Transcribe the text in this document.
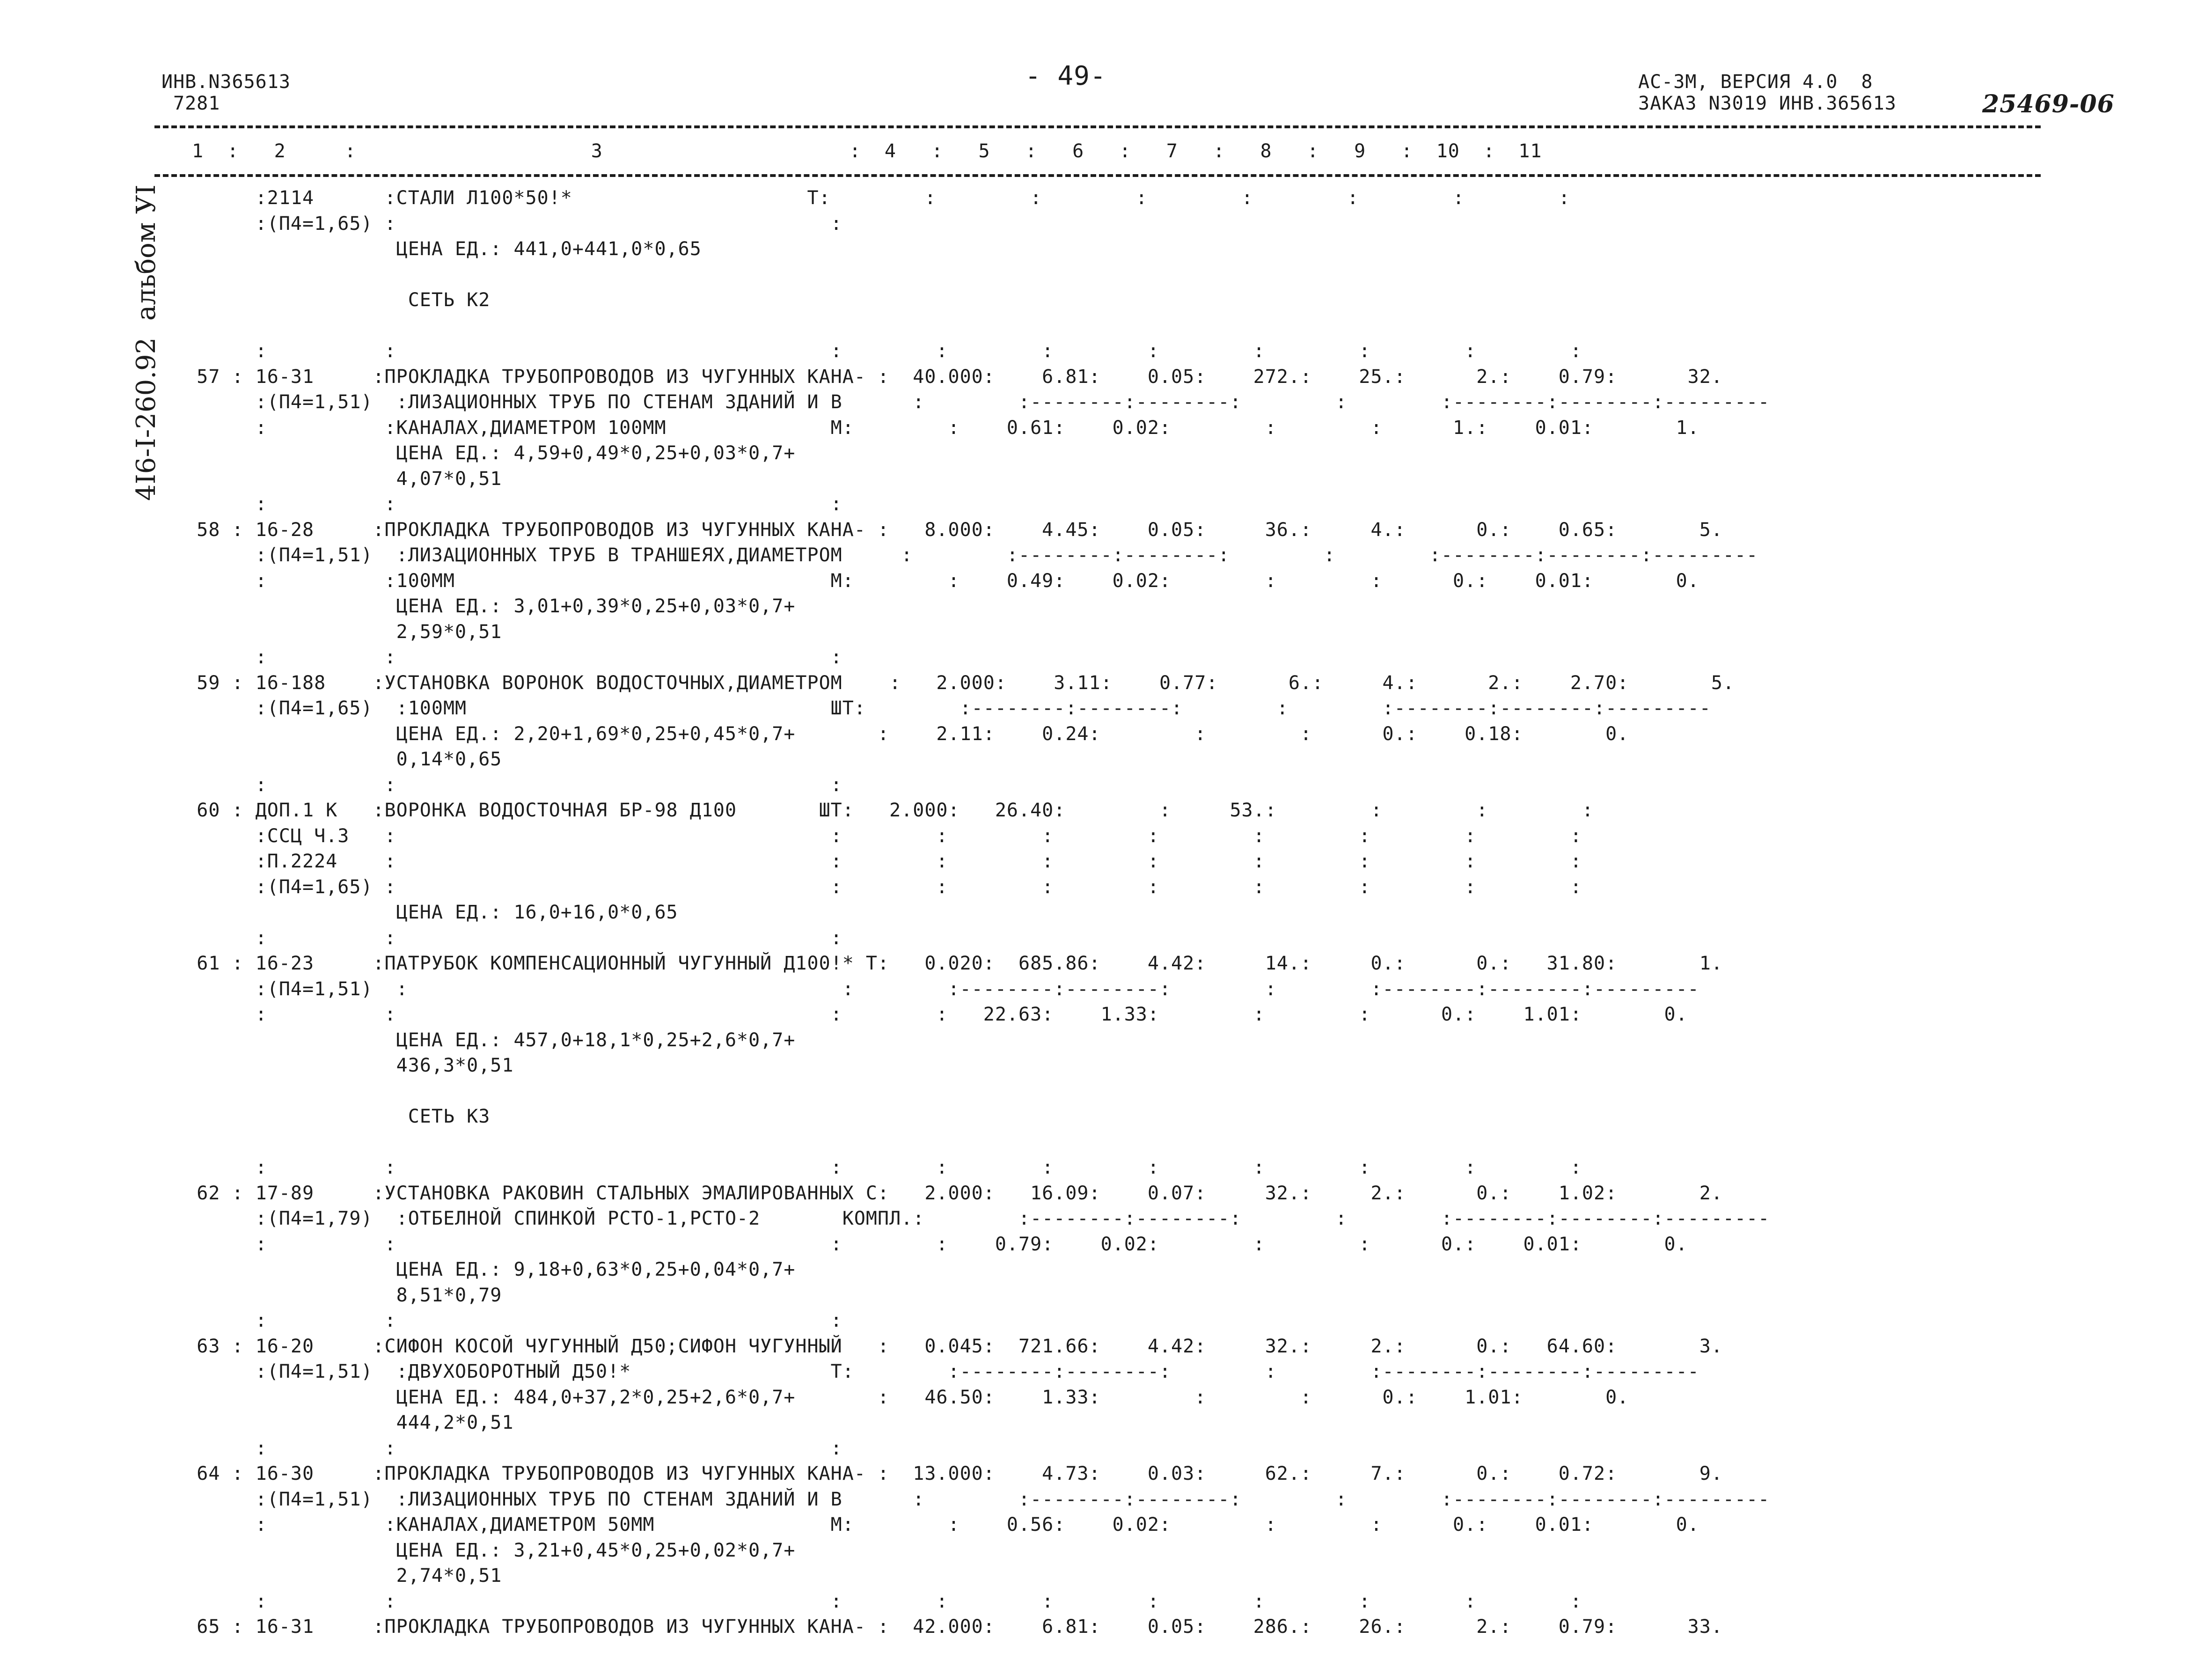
ИНВ.N365613
7281
- 49-	АС-3М, ВЕРСИЯ 4.0  8
ЗАКАЗ N3019 ИНВ.365613	25469-06
4I6-I-260.92  альбом УI
1  :   2     :                    3                     :  4   :   5   :   6   :   7   :   8   :   9   :  10  :  11
:2114      :СТАЛИ Л100*50!*                    Т:        :        :        :        :        :        :        :
:(П4=1,65) :                                     :
ЦЕНА ЕД.: 441,0+441,0*0,65
СЕТЬ К2
:          :                                     :        :        :        :        :        :        :        :
57 : 16-31     :ПРОКЛАДКА ТРУБОПРОВОДОВ ИЗ ЧУГУННЫХ КАНА- :  40.000:    6.81:    0.05:    272.:    25.:      2.:    0.79:      32.
:(П4=1,51)  :ЛИЗАЦИОННЫХ ТРУБ ПО СТЕНАМ ЗДАНИЙ И В      :        :--------:--------:        :        :--------:--------:---------
:          :КАНАЛАХ,ДИАМЕТРОМ 100ММ              М:        :    0.61:    0.02:        :        :      1.:    0.01:       1.
ЦЕНА ЕД.: 4,59+0,49*0,25+0,03*0,7+
4,07*0,51
:          :                                     :
58 : 16-28     :ПРОКЛАДКА ТРУБОПРОВОДОВ ИЗ ЧУГУННЫХ КАНА- :   8.000:    4.45:    0.05:     36.:     4.:      0.:    0.65:       5.
:(П4=1,51)  :ЛИЗАЦИОННЫХ ТРУБ В ТРАНШЕЯХ,ДИАМЕТРОМ     :        :--------:--------:        :        :--------:--------:---------
:          :100ММ                                М:        :    0.49:    0.02:        :        :      0.:    0.01:       0.
ЦЕНА ЕД.: 3,01+0,39*0,25+0,03*0,7+
2,59*0,51
:          :                                     :
59 : 16-188    :УСТАНОВКА ВОРОНОК ВОДОСТОЧНЫХ,ДИАМЕТРОМ    :   2.000:    3.11:    0.77:      6.:     4.:      2.:    2.70:       5.
:(П4=1,65)  :100ММ                               ШТ:        :--------:--------:        :        :--------:--------:---------
ЦЕНА ЕД.: 2,20+1,69*0,25+0,45*0,7+       :    2.11:    0.24:        :        :      0.:    0.18:       0.
0,14*0,65
:          :                                     :
60 : ДОП.1 К   :ВОРОНКА ВОДОСТОЧНАЯ БР-98 Д100       ШТ:   2.000:   26.40:        :     53.:        :        :        :
:ССЦ Ч.3   :                                     :        :        :        :        :        :        :        :
:П.2224    :                                     :        :        :        :        :        :        :        :
:(П4=1,65) :                                     :        :        :        :        :        :        :        :
ЦЕНА ЕД.: 16,0+16,0*0,65
:          :                                     :
61 : 16-23     :ПАТРУБОК КОМПЕНСАЦИОННЫЙ ЧУГУННЫЙ Д100!* Т:   0.020:  685.86:    4.42:     14.:     0.:      0.:   31.80:       1.
:(П4=1,51)  :                                     :        :--------:--------:        :        :--------:--------:---------
:          :                                     :        :   22.63:    1.33:        :        :      0.:    1.01:       0.
ЦЕНА ЕД.: 457,0+18,1*0,25+2,6*0,7+
436,3*0,51
СЕТЬ К3
:          :                                     :        :        :        :        :        :        :        :
62 : 17-89     :УСТАНОВКА РАКОВИН СТАЛЬНЫХ ЭМАЛИРОВАННЫХ С:   2.000:   16.09:    0.07:     32.:     2.:      0.:    1.02:       2.
:(П4=1,79)  :ОТБЕЛНОЙ СПИНКОЙ РСТО-1,РСТО-2       КОМПЛ.:        :--------:--------:        :        :--------:--------:---------
:          :                                     :        :    0.79:    0.02:        :        :      0.:    0.01:       0.
ЦЕНА ЕД.: 9,18+0,63*0,25+0,04*0,7+
8,51*0,79
:          :                                     :
63 : 16-20     :СИФОН КОСОЙ ЧУГУННЫЙ Д50;СИФОН ЧУГУННЫЙ   :   0.045:  721.66:    4.42:     32.:     2.:      0.:   64.60:       3.
:(П4=1,51)  :ДВУХОБОРОТНЫЙ Д50!*                 Т:        :--------:--------:        :        :--------:--------:---------
ЦЕНА ЕД.: 484,0+37,2*0,25+2,6*0,7+       :   46.50:    1.33:        :        :      0.:    1.01:       0.
444,2*0,51
:          :                                     :
64 : 16-30     :ПРОКЛАДКА ТРУБОПРОВОДОВ ИЗ ЧУГУННЫХ КАНА- :  13.000:    4.73:    0.03:     62.:     7.:      0.:    0.72:       9.
:(П4=1,51)  :ЛИЗАЦИОННЫХ ТРУБ ПО СТЕНАМ ЗДАНИЙ И В      :        :--------:--------:        :        :--------:--------:---------
:          :КАНАЛАХ,ДИАМЕТРОМ 50ММ               М:        :    0.56:    0.02:        :        :      0.:    0.01:       0.
ЦЕНА ЕД.: 3,21+0,45*0,25+0,02*0,7+
2,74*0,51
:          :                                     :        :        :        :        :        :        :        :
65 : 16-31     :ПРОКЛАДКА ТРУБОПРОВОДОВ ИЗ ЧУГУННЫХ КАНА- :  42.000:    6.81:    0.05:    286.:    26.:      2.:    0.79:      33.
